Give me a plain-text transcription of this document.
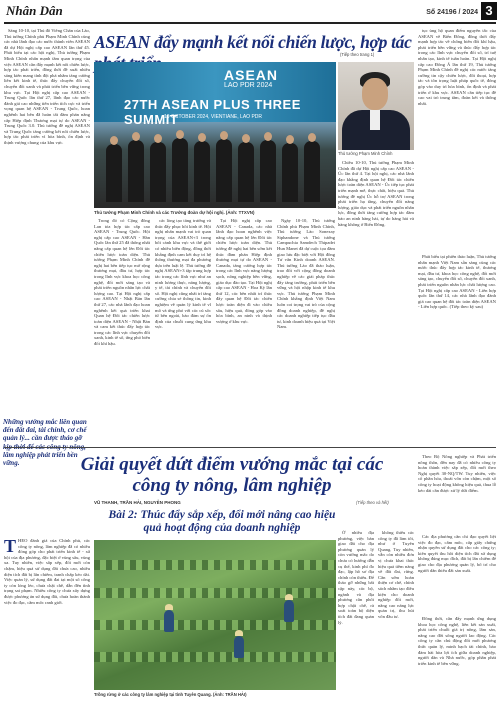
Nhân Dân	Số 24196 / 2024 3

Sáng 10-10, tại Thủ đô Viêng Chăn của Lào, Thủ tướng Chính phủ Phạm Minh Chính cùng các nhà lãnh đạo các nước thành viên ASEAN đã dự Hội nghị cấp cao ASEAN lần thứ 45. Phát biểu tại các hội nghị, Thủ tướng Phạm Minh Chính nhấn mạnh tầm quan trọng của việc ASEAN cần đẩy mạnh kết nối chiến lược, hợp tác phát triển, đồng thời đề xuất nhiều sáng kiến mang tính đột phá nhằm tăng cường liên kết kinh tế, thúc đẩy chuyển đổi số, chuyển đổi xanh và phát triển bền vững trong khu vực. Tại Hội nghị cấp cao ASEAN - Trung Quốc lần thứ 27, lãnh đạo các nước đánh giá cao những tiến triển tích cực và triển vọng quan hệ ASEAN - Trung Quốc, hoan nghênh hai bên đã hoàn tất đàm phán nâng cấp Hiệp định Thương mại tự do ASEAN - Trung Quốc 3.0. Thủ tướng đề nghị ASEAN và Trung Quốc tăng cường kết nối chiến lược, hợp tác phát triển vì hòa bình, ổn định và thịnh vượng chung của khu vực.

ASEAN đẩy mạnh kết nối chiến lược, hợp tác
ASEAN
LAO PDR 2024
27TH ASEAN PLUS THREE SUMMIT
10 OCTOBER 2024, VIENTIANE, LAO PDR
Thủ tướng Phạm Minh Chính và các Trưởng đoàn dự hội nghị. (Ảnh: TTXVN)
(Tiếp theo trang 1)
Thủ tướng Phạm Minh Chính

Trong đó có Cộng đồng Lan tỏa hợp tác cấp cao ASEAN - Trung Quốc. Hội nghị cấp cao ASEAN - Hàn Quốc lần thứ 25 đã thống nhất nâng cấp quan hệ lên Đối tác chiến lược toàn diện. Thủ tướng Phạm Minh Chính đề nghị hai bên tiếp tục mở rộng thương mại, đầu tư, hợp tác trong lĩnh vực khoa học công nghệ, đổi mới sáng tạo và phát triển nguồn nhân lực chất lượng cao. Tại Hội nghị cấp cao ASEAN - Nhật Bản lần thứ 27, các nhà lãnh đạo hoan nghênh kết quả triển khai Quan hệ Đối tác chiến lược toàn diện ASEAN - Nhật Bản và cam kết thúc đẩy hợp tác trong các lĩnh vực chuyển đổi xanh, kinh tế số, ứng phó biến đổi khí hậu.

các lòng tạo tăng trưởng và thúc đẩy phục hồi kinh tế. Hội nghị nhấn mạnh vai trò quan trọng của ASEAN+3 trong bối cảnh khu vực và thế giới có nhiều biến động, đồng thời khẳng định cam kết duy trì hệ thống thương mại đa phương dựa trên luật lệ. Thủ tướng đề nghị ASEAN+3 tập trung hợp tác trong các lĩnh vực như an ninh lương thực, năng lượng, y tế, tài chính và chuyển đổi số. Hội nghị cũng nhất trí tăng cường chia sẻ thông tin, kinh nghiệm về quản lý kinh tế vĩ mô và ứng phó với các cú sốc từ bên ngoài, bảo đảm sự ổn định của chuỗi cung ứng khu vực.

Tại Hội nghị cấp cao ASEAN - Canada, các nhà lãnh đạo hoan nghênh việc nâng cấp quan hệ lên Đối tác chiến lược toàn diện. Thủ tướng đề nghị hai bên sớm kết thúc đàm phán Hiệp định thương mại tự do ASEAN - Canada, tăng cường hợp tác trong các lĩnh vực năng lượng sạch, nông nghiệp bền vững, giáo dục đào tạo. Tại Hội nghị cấp cao ASEAN - Hoa Kỳ lần thứ 12, các bên nhất trí thúc đẩy quan hệ Đối tác chiến lược toàn diện đi vào chiều sâu, hiệu quả, đóng góp vào hòa bình, an ninh và thịnh vượng ở khu vực.

Ngày 10-10, Thủ tướng Chính phủ Phạm Minh Chính, Thủ tướng Lào Sonexay Siphandone và Thủ tướng Campuchia Samdech Thipadei Hun Manet đã dự cuộc tọa đàm giao lưu đặc biệt với Hội đồng Tư vấn Kinh doanh ASEAN. Thủ tướng Lào đã thảo luận, trao đổi với cộng đồng doanh nghiệp về các giải pháp thúc đẩy tăng trưởng, phát triển bền vững và hội nhập kinh tế khu vực. Thủ tướng Phạm Minh Chính khẳng định Việt Nam luôn coi trọng vai trò của cộng đồng doanh nghiệp, đề nghị các doanh nghiệp tiếp tục đầu tư, kinh doanh hiệu quả tại Việt Nam.

Chiều 10-10, Thủ tướng Phạm Minh Chính đã dự Hội nghị cấp cao ASEAN - Úc lần thứ 4. Tại hội nghị, các nhà lãnh đạo khẳng định quan hệ Đối tác chiến lược toàn diện ASEAN - Úc tiếp tục phát triển mạnh mẽ, thực chất, hiệu quả. Thủ tướng đề nghị Úc hỗ trợ ASEAN trong phát triển hạ tầng, chuyển đổi năng lượng, giáo dục và phát triển nguồn nhân lực, đồng thời tăng cường hợp tác đảm bảo an ninh hàng hải, tự do hàng hải và hàng không ở Biển Đông.

tục ủng hộ quan điểm nguyên tắc của ASEAN về Biển Đông, đồng thời đẩy mạnh hợp tác về chống biến đổi khí hậu, phát triển bền vững và thúc đẩy hợp tác trong các lĩnh vực chuyển đổi số, trí tuệ nhân tạo, kinh tế tuần hoàn. Tại Hội nghị cấp cao Đông Á lần thứ 19, Thủ tướng Phạm Minh Chính đề nghị các nước tăng cường tin cậy chiến lược, đối thoại, hợp tác và tôn trọng luật pháp quốc tế, đóng góp vào duy trì hòa bình, ổn định và phát triển ở khu vực. ASEAN cần tiếp tục đề cao vai trò trung tâm, đoàn kết và thống nhất.

Phát biểu tại phiên thảo luận, Thủ tướng nhấn mạnh Việt Nam sẵn sàng cùng các nước thúc đẩy hợp tác kinh tế, thương mại, đầu tư, khoa học công nghệ, đổi mới sáng tạo, chuyển đổi số, chuyển đổi xanh, phát triển nguồn nhân lực chất lượng cao. Tại Hội nghị cấp cao ASEAN - Liên hợp quốc lần thứ 14, các nhà lãnh đạo đánh giá cao quan hệ đối tác toàn diện ASEAN - Liên hợp quốc. (Tiếp theo kỳ sau)

Những vướng mắc liên quan đến đất đai, tài chính, cơ chế quản lý... cần được tháo gỡ lâm nghiệp phát triển bền vững.	Giải quyết dứt điểm vướng mắc tại các công ty nông, lâm nghiệp
VŨ THANH, TRẦN HẢI, NGUYỄN PHONG	(Tiếp theo và hết)
Bài 2: Thúc đẩy sắp xếp, đổi mới nâng cao hiệu quả hoạt động của doanh nghiệp
THEO đánh giá của Chính phủ, các công ty nông, lâm nghiệp đã có nhiều đóng góp cho phát triển kinh tế - xã hội của địa phương, đặc biệt ở vùng sâu, vùng xa. Tuy nhiên, việc sắp xếp, đổi mới còn chậm, hiệu quả sử dụng đất chưa cao, nhiều diện tích đất bị lấn chiếm, tranh chấp kéo dài. Việc quản lý, sử dụng đất đai tại một số công ty còn lỏng lẻo, chưa chặt chẽ, dẫn đến tình trạng sai phạm. Nhiều công ty chưa xây dựng được phương án sử dụng đất, chưa hoàn thành việc đo đạc, cắm mốc ranh giới.
Trồng rừng ở các công ty lâm nghiệp tại tỉnh Tuyên Quang. (Ảnh: TRẦN HẢI)

Ở nhiều địa phương, việc bàn giao đất cho địa phương quản lý còn vướng mắc do chưa có hướng dẫn cụ thể, kinh phí đo đạc, lập hồ sơ địa chính còn thiếu. Để tháo gỡ những bất cập này, các bộ, ngành và địa phương cần phối hợp chặt chẽ, rà soát toàn bộ diện tích đất đang quản lý.

không thiếu các công ty đã làm tốt, như ở Tuyên Quang. Tuy nhiên, vẫn còn nhiều đơn vị chưa khai thác hiệu quả tiềm năng về đất đai, rừng. Cần sớm hoàn thiện cơ chế, chính sách nhằm tạo điều kiện cho doanh nghiệp đổi mới, nâng cao năng lực quản trị, thu hút vốn đầu tư.

Theo Bộ Nông nghiệp và Phát triển nông thôn, đến nay đã có nhiều công ty hoàn thành việc sắp xếp, đổi mới theo Nghị quyết 30-NQ/TW. Tuy nhiên, việc cổ phần hóa, thoái vốn còn chậm, một số công ty hoạt động không hiệu quả, thua lỗ kéo dài cần được xử lý dứt điểm.

Các địa phương cần chỉ đạo quyết liệt việc đo đạc, cắm mốc, cấp giấy chứng nhận quyền sử dụng đất cho các công ty; kiên quyết thu hồi diện tích đất sử dụng không đúng mục đích, đất bị lấn chiếm để giao cho địa phương quản lý, bố trí cho người dân thiếu đất sản xuất.

Đồng thời, cần đẩy mạnh ứng dụng khoa học công nghệ, liên kết sản xuất, phát triển chuỗi giá trị nông, lâm sản, nâng cao đời sống người lao động. Các công ty cần chủ động đổi mới phương thức quản lý, minh bạch tài chính, bảo đảm hài hòa lợi ích giữa doanh nghiệp, người dân và Nhà nước, góp phần phát triển kinh tế bền vững.
